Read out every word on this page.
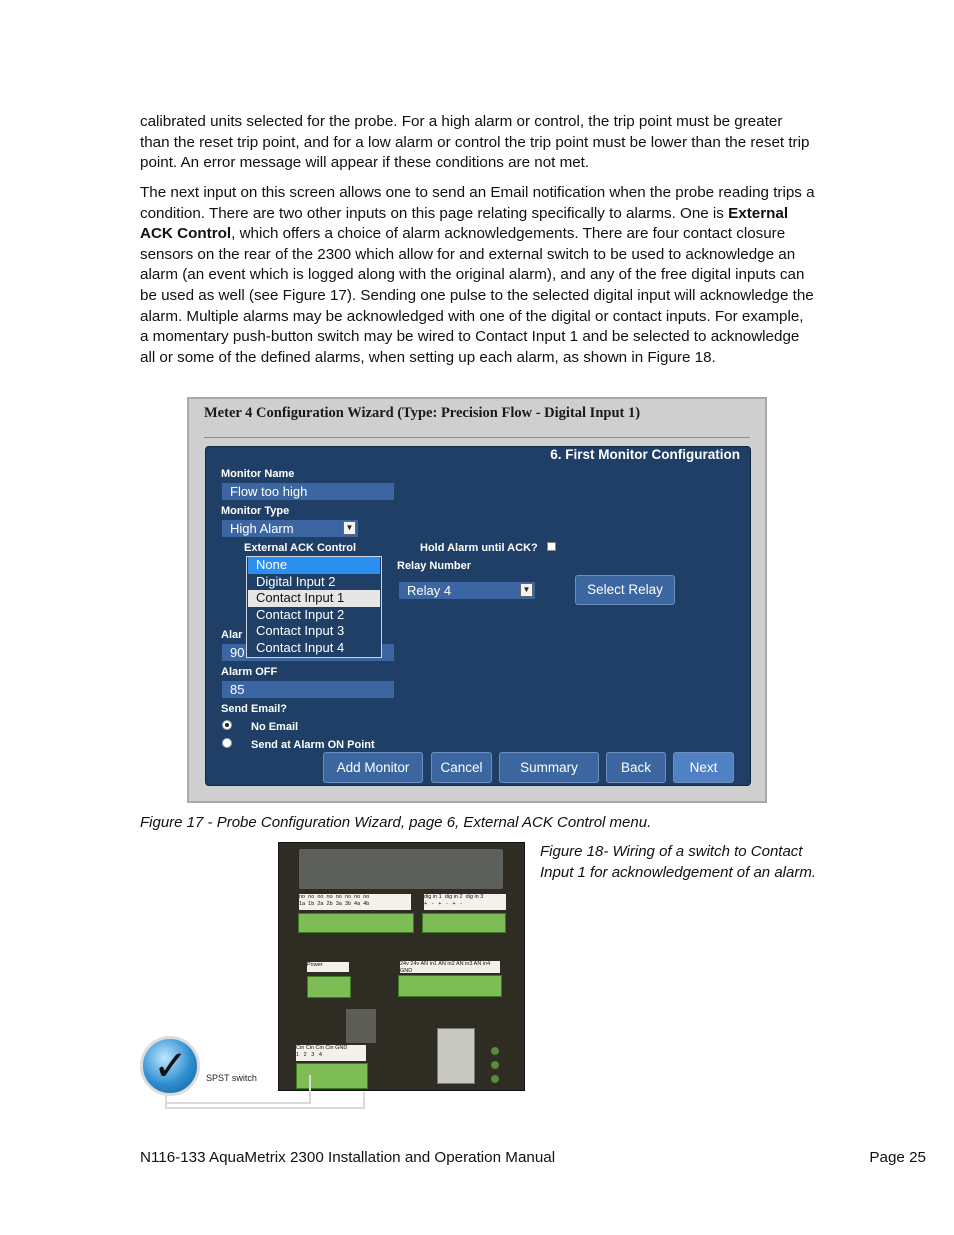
calibrated units selected for the probe. For a high alarm or control, the trip point must be greater than the reset trip point, and for a low alarm or control the trip point must be lower than the reset trip point. An error message will appear if these conditions are not met.

The next input on this screen allows one to send an Email notification when the probe reading trips a condition. There are two other inputs on this page relating specifically to alarms. One is External ACK Control, which offers a choice of alarm acknowledgements. There are four contact closure sensors on the rear of the 2300 which allow for and external switch to be used to acknowledge an alarm (an event which is logged along with the original alarm), and any of the free digital inputs can be used as well (see Figure 17). Sending one pulse to the selected digital input will acknowledge the alarm. Multiple alarms may be acknowledged with one of the digital or contact inputs. For example, a momentary push-button switch may be wired to Contact Input 1 and be selected to acknowledge all or some of the defined alarms, when setting up each alarm, as shown in Figure 18.

Meter 4 Configuration Wizard (Type: Precision Flow - Digital Input 1)
6. First Monitor Configuration
Monitor Name
Flow too high
Monitor Type
High Alarm	▼
External ACK Control	Hold Alarm until ACK?
Relay Number
Relay 4	▼	Select Relay
Alar
90
Alarm OFF
85
Send Email?
No Email
Send at Alarm ON Point
None
Digital Input 2
Contact Input 1
Contact Input 2
Contact Input 3
Contact Input 4
Add Monitor	Cancel	Summary	Back	Next

Figure 17 - Probe Configuration Wizard, page 6, External ACK Control menu.

no  no  no  no  no  no  no  no
1a  1b  2a  2b  3a  3b  4a  4b
dig in 1  dig in 2  dig in 3
+   -   +   -   +   -
Power	24v 24v AN in1 AN in2 AN in3 AN in4 GND
Cin Cin Cin Cin GND
1   2   3   4
✓ SPST switch

Figure 18- Wiring of a switch to Contact Input 1 for acknowledgement of an alarm.

N116-133 AquaMetrix 2300 Installation and Operation Manual	Page 25
